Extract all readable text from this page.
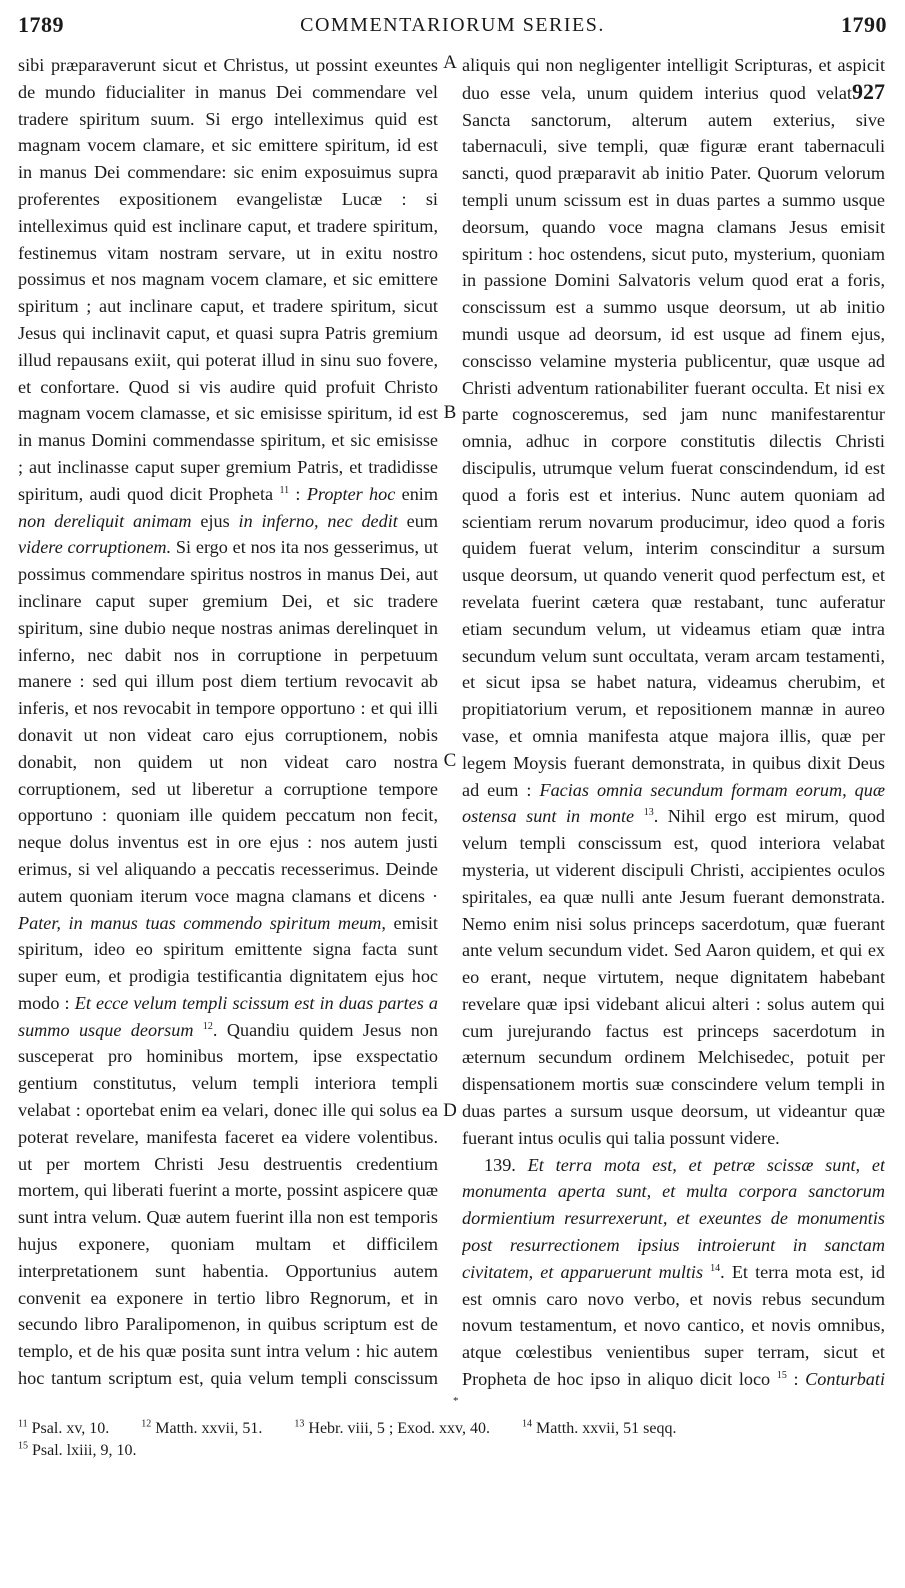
1789	COMMENTARIORUM SERIES.	1790

sibi præparaverunt sicut et Christus, ut possint exeuntes de mundo fiducialiter in manus Dei commendare vel tradere spiritum suum. Si ergo intelleximus quid est magnam vocem clamare, et sic emittere spiritum, id est in manus Dei commendare: sic enim exposuimus supra proferentes expositionem evangelistæ Lucæ : si intelleximus quid est inclinare caput, et tradere spiritum, festinemus vitam nostram servare, ut in exitu nostro possimus et nos magnam vocem clamare, et sic emittere spiritum ; aut inclinare caput, et tradere spiritum, sicut Jesus qui inclinavit caput, et quasi supra Patris gremium illud repausans exiit, qui poterat illud in sinu suo fovere, et confortare. Quod si vis audire quid profuit Christo magnam vocem clamasse, et sic emisisse spiritum, id est in manus Domini commendasse spiritum, et sic emisisse ; aut inclinasse caput super gremium Patris, et tradidisse spiritum, audi quod dicit Propheta $^{11}$ : Propter hoc enim non dereliquit animam ejus in inferno, nec dedit eum videre corruptionem. Si ergo et nos ita nos gesserimus, ut possimus commendare spiritus nostros in manus Dei, aut inclinare caput super gremium Dei, et sic tradere spiritum, sine dubio neque nostras animas derelinquet in inferno, nec dabit nos in corruptione in perpetuum manere : sed qui illum post diem tertium revocavit ab inferis, et nos revocabit in tempore opportuno : et qui illi donavit ut non videat caro ejus corruptionem, nobis donabit, non quidem ut non videat caro nostra corruptionem, sed ut liberetur a corruptione tempore opportuno : quoniam ille quidem peccatum non fecit, neque dolus inventus est in ore ejus : nos autem justi erimus, si vel aliquando a peccatis recesserimus. Deinde autem quoniam iterum voce magna clamans et dicens · Pater, in manus tuas commendo spiritum meum, emisit spiritum, ideo eo spiritum emittente signa facta sunt super eum, et prodigia testificantia dignitatem ejus hoc modo : Et ecce velum templi scissum est in duas partes a summo usque deorsum $^{12}$. Quandiu quidem Jesus non susceperat pro hominibus mortem, ipse exspectatio gentium constitutus, velum templi interiora templi velabat : oportebat enim ea velari, donec ille qui solus ea poterat revelare, manifesta faceret ea videre volentibus. ut per mortem Christi Jesu destruentis credentium mortem, qui liberati fuerint a morte, possint aspicere quæ sunt intra velum. Quæ autem fuerint illa non est temporis hujus exponere, quoniam multam et difficilem interpretationem sunt habentia. Opportunius autem convenit ea exponere in tertio libro Regnorum, et in secundo libro Paralipomenon, in quibus scriptum est de templo, et de his quæ posita sunt intra velum : hic autem hoc tantum scriptum est, quia velum templi conscissum

A
B
C
D

aliquis qui non negligenter intelligit Scripturas, et aspicit duo esse vela, unum quidem interius quod velat927 Sancta sanctorum, alterum autem exterius, sive tabernaculi, sive templi, quæ figuræ erant tabernaculi sancti, quod præparavit ab initio Pater. Quorum velorum templi unum scissum est in duas partes a summo usque deorsum, quando voce magna clamans Jesus emisit spiritum : hoc ostendens, sicut puto, mysterium, quoniam in passione Domini Salvatoris velum quod erat a foris, conscissum est a summo usque deorsum, ut ab initio mundi usque ad deorsum, id est usque ad finem ejus, conscisso velamine mysteria publicentur, quæ usque ad Christi adventum rationabiliter fuerant occulta. Et nisi ex parte cognosceremus, sed jam nunc manifestarentur omnia, adhuc in corpore constitutis dilectis Christi discipulis, utrumque velum fuerat conscindendum, id est quod a foris est et interius. Nunc autem quoniam ad scientiam rerum novarum producimur, ideo quod a foris quidem fuerat velum, interim conscinditur a sursum usque deorsum, ut quando venerit quod perfectum est, et revelata fuerint cætera quæ restabant, tunc auferatur etiam secundum velum, ut videamus etiam quæ intra secundum velum sunt occultata, veram arcam testamenti, et sicut ipsa se habet natura, videamus cherubim, et propitiatorium verum, et repositionem mannæ in aureo vase, et omnia manifesta atque majora illis, quæ per legem Moysis fuerant demonstrata, in quibus dixit Deus ad eum : Facias omnia secundum formam eorum, quæ ostensa sunt in monte $^{13}$. Nihil ergo est mirum, quod velum templi conscissum est, quod interiora velabat mysteria, ut viderent discipuli Christi, accipientes oculos spiritales, ea quæ nulli ante Jesum fuerant demonstrata. Nemo enim nisi solus princeps sacerdotum, quæ fuerant ante velum secundum videt. Sed Aaron quidem, et qui ex eo erant, neque virtutem, neque dignitatem habebant revelare quæ ipsi videbant alicui alteri : solus autem qui cum jurejurando factus est princeps sacerdotum in æternum secundum ordinem Melchisedec, potuit per dispensationem mortis suæ conscindere velum templi in duas partes a sursum usque deorsum, ut videantur quæ fuerant intus oculis qui talia possunt videre.

139. Et terra mota est, et petræ scissæ sunt, et monumenta aperta sunt, et multa corpora sanctorum dormientium resurrexerunt, et exeuntes de monumentis post resurrectionem ipsius introierunt in sanctam civitatem, et apparuerunt multis $^{14}$. Et terra mota est, id est omnis caro novo verbo, et novis rebus secundum novum testamentum, et novo cantico, et novis omnibus, atque cœlestibus venientibus super terram, sicut et Propheta de hoc ipso in aliquo dicit loco $^{15}$ : Conturbati

*
$^{11}$ Psal. xv, 10.	$^{12}$ Matth. xxvii, 51.	$^{13}$ Hebr. viii, 5 ; Exod. xxv, 40.	$^{14}$ Matth. xxvii, 51 seqq.
$^{15}$ Psal. lxiii, 9, 10.
